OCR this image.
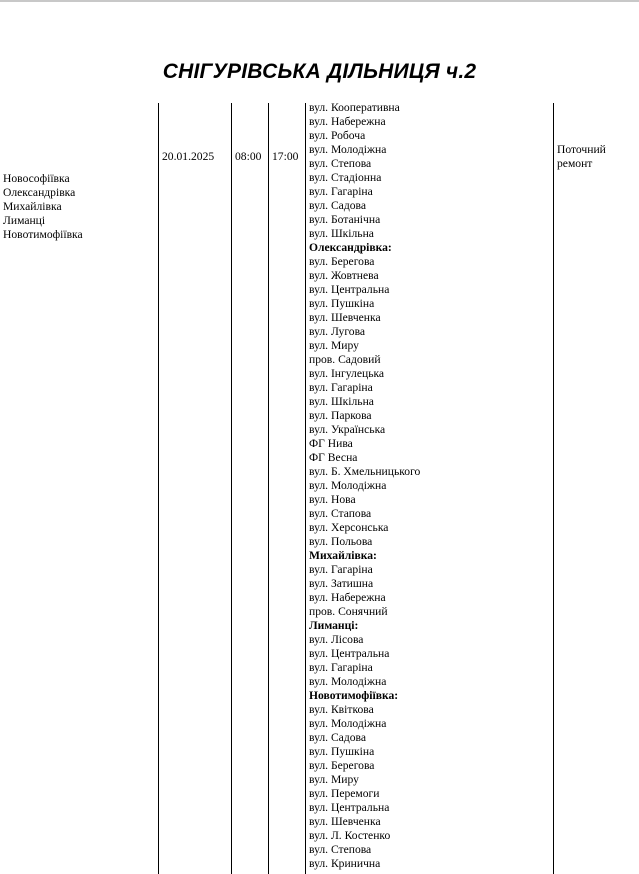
СНІГУРІВСЬКА ДІЛЬНИЦЯ ч.2
Новософіївка
Олександрівка
Михайлівка
Лиманці
Новотимофіївка
20.01.2025 08:00 17:00
вул. Кооперативна
вул. Набережна
вул. Робоча
вул. Молодіжна
вул. Степова
вул. Стадіонна
вул. Гагаріна
вул. Садова
вул. Ботанічна
вул. Шкільна
Олександрівка:
вул. Берегова
вул. Жовтнева
вул. Центральна
вул. Пушкіна
вул. Шевченка
вул. Лугова
вул. Миру
пров. Садовий
вул. Інгулецька
вул. Гагаріна
вул. Шкільна
вул. Паркова
вул. Українська
ФГ Нива
ФГ Весна
вул. Б. Хмельницького
вул. Молодіжна
вул. Нова
вул. Стапова
вул. Херсонська
вул. Польова
Михайлівка:
вул. Гагаріна
вул. Затишна
вул. Набережна
пров. Сонячний
Лиманці:
вул. Лісова
вул. Центральна
вул. Гагаріна
вул. Молодіжна
Новотимофіївка:
вул. Квіткова
вул. Молодіжна
вул. Садова
вул. Пушкіна
вул. Берегова
вул. Миру
вул. Перемоги
вул. Центральна
вул. Шевченка
вул. Л. Костенко
вул. Степова
вул. Кринична
Поточний
ремонт
